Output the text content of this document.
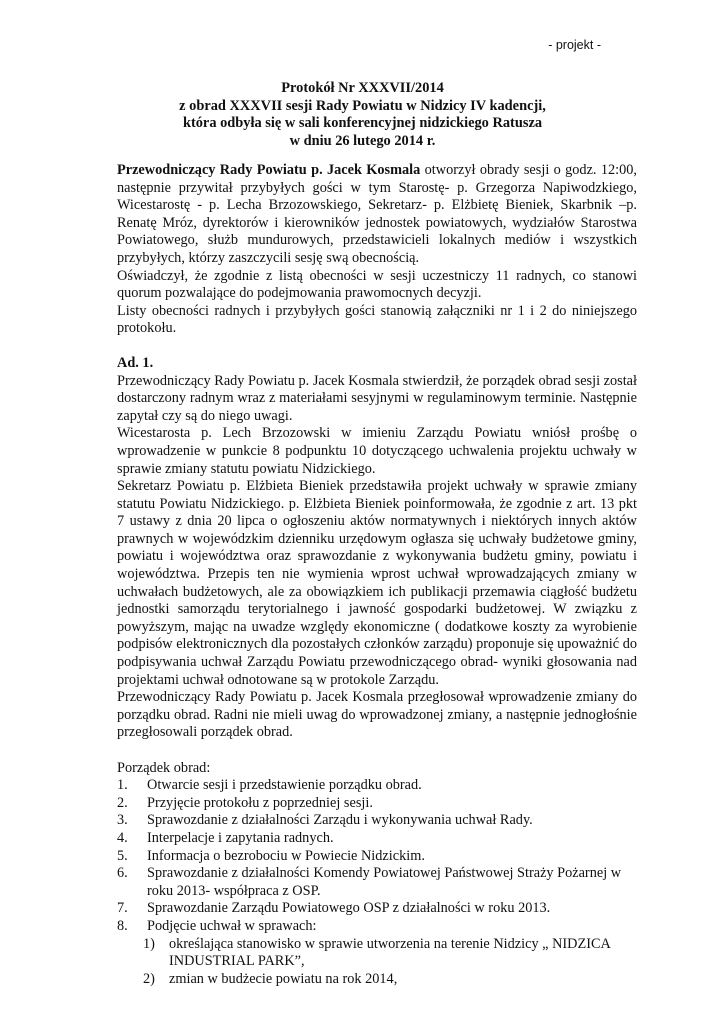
- projekt -
Protokół Nr XXXVII/2014
z obrad XXXVII sesji Rady Powiatu w Nidzicy IV kadencji,
która odbyła się w sali konferencyjnej nidzickiego Ratusza
w dniu 26 lutego 2014 r.

Przewodniczący Rady Powiatu p. Jacek Kosmala otworzył obrady sesji o godz. 12:00, następnie przywitał przybyłych gości w tym Starostę- p. Grzegorza Napiwodzkiego, Wicestarostę - p. Lecha Brzozowskiego, Sekretarz- p. Elżbietę Bieniek, Skarbnik –p. Renatę Mróz, dyrektorów i kierowników jednostek powiatowych, wydziałów Starostwa Powiatowego, służb mundurowych, przedstawicieli lokalnych mediów i wszystkich przybyłych, którzy zaszczycili sesję swą obecnością.

Oświadczył, że zgodnie z listą obecności w sesji uczestniczy 11 radnych, co stanowi quorum pozwalające do podejmowania prawomocnych decyzji.

Listy obecności radnych i przybyłych gości stanowią załączniki nr 1 i 2 do niniejszego protokołu.

Ad. 1.

Przewodniczący Rady Powiatu p. Jacek Kosmala stwierdził, że porządek obrad sesji został dostarczony radnym wraz z materiałami sesyjnymi w regulaminowym terminie. Następnie zapytał czy są do niego uwagi.

Wicestarosta p. Lech Brzozowski w imieniu Zarządu Powiatu wniósł prośbę o wprowadzenie w punkcie 8 podpunktu 10 dotyczącego uchwalenia projektu uchwały w sprawie zmiany statutu powiatu Nidzickiego.

Sekretarz Powiatu p. Elżbieta Bieniek przedstawiła projekt uchwały w sprawie zmiany statutu Powiatu Nidzickiego. p. Elżbieta Bieniek poinformowała, że zgodnie z art. 13 pkt 7 ustawy z dnia 20 lipca o ogłoszeniu aktów normatywnych i niektórych innych aktów prawnych w wojewódzkim dzienniku urzędowym ogłasza się uchwały budżetowe gminy, powiatu i województwa oraz sprawozdanie z wykonywania budżetu gminy, powiatu i województwa. Przepis ten nie wymienia wprost uchwał wprowadzających zmiany w uchwałach budżetowych, ale za obowiązkiem ich publikacji przemawia ciągłość budżetu jednostki samorządu terytorialnego i jawność gospodarki budżetowej. W związku z powyższym, mając na uwadze względy ekonomiczne ( dodatkowe koszty za wyrobienie podpisów elektronicznych dla pozostałych członków zarządu) proponuje się upoważnić do podpisywania uchwał Zarządu Powiatu przewodniczącego obrad- wyniki głosowania nad projektami uchwał odnotowane są w protokole Zarządu.

Przewodniczący Rady Powiatu p. Jacek Kosmala przegłosował wprowadzenie zmiany do porządku obrad. Radni nie mieli uwag do wprowadzonej zmiany, a następnie jednogłośnie przegłosowali porządek obrad.

Porządek obrad:

1. Otwarcie sesji i przedstawienie porządku obrad.
2. Przyjęcie protokołu z poprzedniej sesji.
3. Sprawozdanie z działalności Zarządu i wykonywania uchwał Rady.
4. Interpelacje i zapytania radnych.
5. Informacja o bezrobociu w Powiecie Nidzickim.
6. Sprawozdanie z działalności Komendy Powiatowej Państwowej Straży Pożarnej w roku 2013- współpraca z OSP.
7. Sprawozdanie Zarządu Powiatowego OSP z działalności w roku 2013.
8. Podjęcie uchwał w sprawach:
1) określająca stanowisko w sprawie utworzenia na terenie Nidzicy „ NIDZICA INDUSTRIAL PARK”,
2) zmian w budżecie powiatu na rok 2014,
